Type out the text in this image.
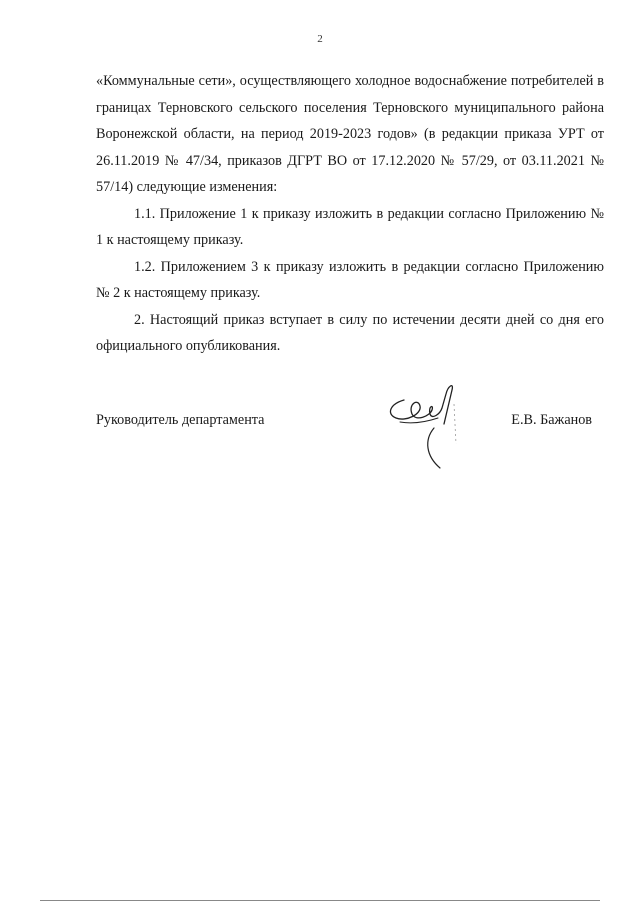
2

«Коммунальные сети», осуществляющего холодное водоснабжение потребителей в границах Терновского сельского поселения Терновского муниципального района Воронежской области, на период 2019-2023 годов» (в редакции приказа УРТ от 26.11.2019 № 47/34, приказов ДГРТ ВО от 17.12.2020 № 57/29, от 03.11.2021 № 57/14) следующие изменения:

1.1. Приложение 1 к приказу изложить в редакции согласно Приложению № 1 к настоящему приказу.

1.2. Приложением 3 к приказу изложить в редакции согласно Приложению № 2 к настоящему приказу.

2. Настоящий приказ вступает в силу по истечении десяти дней со дня его официального опубликования.

Руководитель департамента	Е.В. Бажанов
